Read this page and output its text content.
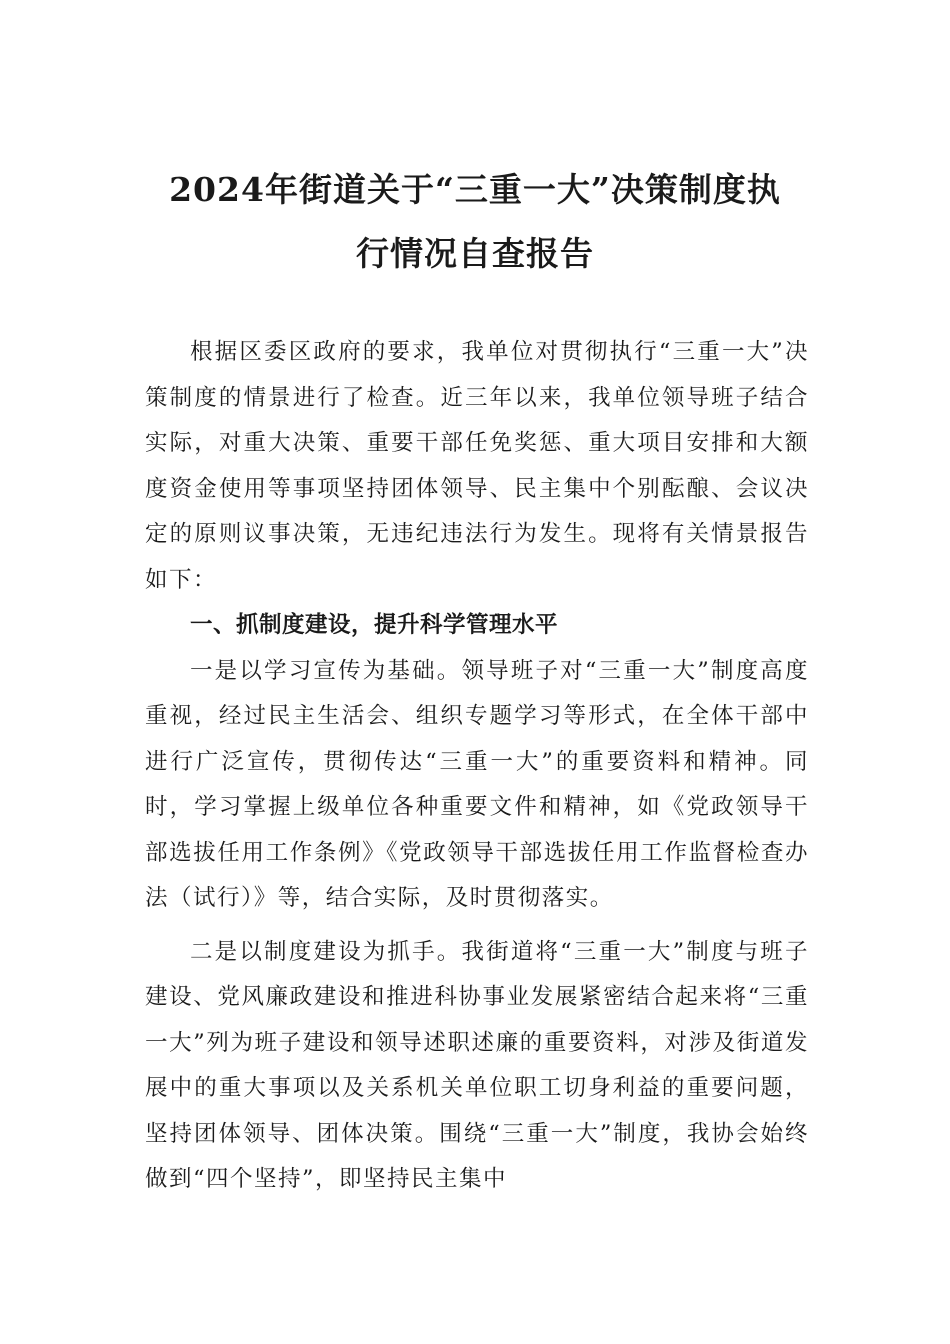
2024年街道关于“三重一大”决策制度执
行情况自查报告

根据区委区政府的要求，我单位对贯彻执行“三重一大”决策制度的情景进行了检查。近三年以来，我单位领导班子结合实际，对重大决策、重要干部任免奖惩、重大项目安排和大额度资金使用等事项坚持团体领导、民主集中个别酝酿、会议决定的原则议事决策，无违纪违法行为发生。现将有关情景报告如下：

一、抓制度建设，提升科学管理水平

一是以学习宣传为基础。领导班子对“三重一大”制度高度重视，经过民主生活会、组织专题学习等形式，在全体干部中进行广泛宣传，贯彻传达“三重一大”的重要资料和精神。同时，学习掌握上级单位各种重要文件和精神，如《党政领导干部选拔任用工作条例》《党政领导干部选拔任用工作监督检查办法（试行）》等，结合实际，及时贯彻落实。

二是以制度建设为抓手。我街道将“三重一大”制度与班子建设、党风廉政建设和推进科协事业发展紧密结合起来将“三重一大”列为班子建设和领导述职述廉的重要资料，对涉及街道发展中的重大事项以及关系机关单位职工切身利益的重要问题，坚持团体领导、团体决策。围绕“三重一大”制度，我协会始终做到“四个坚持”，即坚持民主集中
